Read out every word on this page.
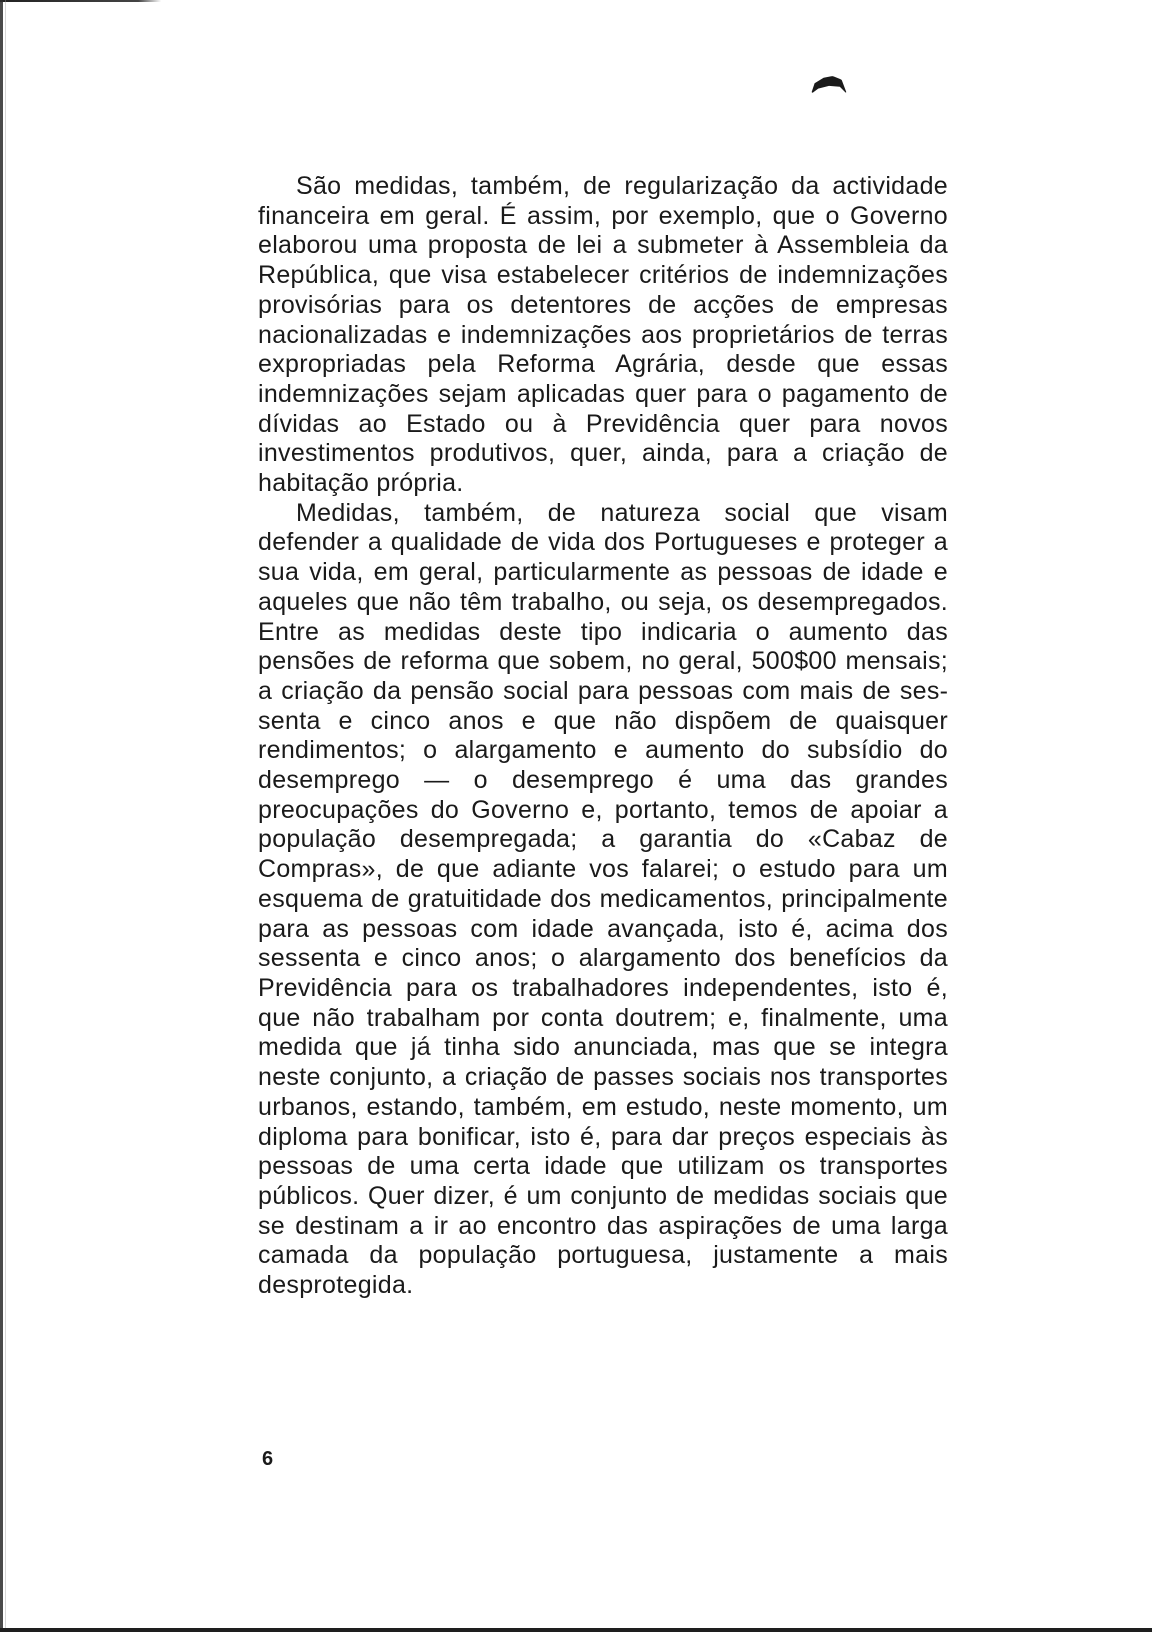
São medidas, também, de regularização da actividade financeira em geral. É assim, por exemplo, que o Governo elaborou uma proposta de lei a submeter à Assembleia da República, que visa estabelecer critérios de indemnizações provisórias para os detentores de acções de empresas nacionalizadas e indemnizações aos proprietários de terras expropriadas pela Reforma Agrária, desde que essas indemnizações sejam aplicadas quer para o pagamento de dívidas ao Estado ou à Previdência quer para novos investimentos produtivos, quer, ainda, para a criação de habitação própria.

Medidas, também, de natureza social que visam defender a qualidade de vida dos Portugueses e proteger a sua vida, em geral, particularmente as pessoas de idade e aqueles que não têm trabalho, ou seja, os desempregados. Entre as medidas deste tipo indicaria o aumento das pensões de reforma que sobem, no geral, 500$00 mensais; a criação da pensão social para pessoas com mais de sessenta e cinco anos e que não dispõem de quaisquer rendimentos; o alargamento e aumento do subsídio do desemprego — o desemprego é uma das grandes preocupações do Governo e, portanto, temos de apoiar a população desempregada; a garantia do «Cabaz de Compras», de que adiante vos falarei; o estudo para um esquema de gratuitidade dos medicamentos, principalmente para as pessoas com idade avançada, isto é, acima dos sessenta e cinco anos; o alargamento dos benefícios da Previdência para os trabalhadores independentes, isto é, que não trabalham por conta doutrem; e, finalmente, uma medida que já tinha sido anunciada, mas que se integra neste conjunto, a criação de passes sociais nos transportes urbanos, estando, também, em estudo, neste momento, um diploma para bonificar, isto é, para dar preços especiais às pessoas de uma certa idade que utilizam os transportes públicos. Quer dizer, é um conjunto de medidas sociais que se destinam a ir ao encontro das aspirações de uma larga camada da população portuguesa, justamente a mais desprotegida.

6
